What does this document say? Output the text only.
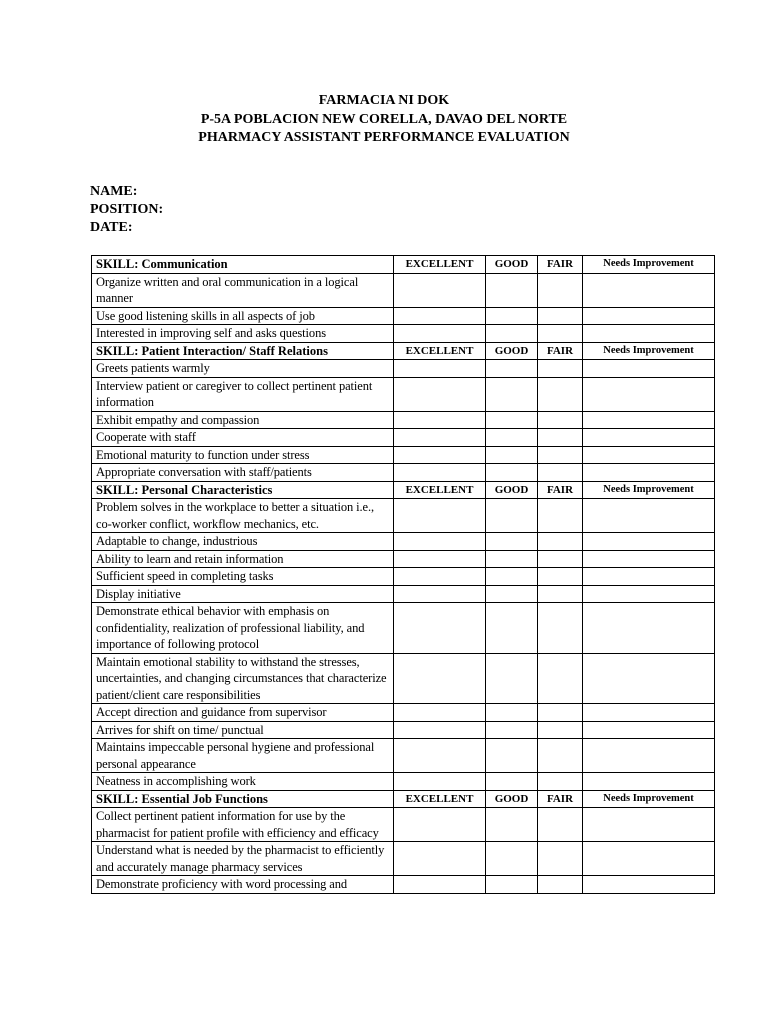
FARMACIA NI DOK
P-5A POBLACION NEW CORELLA, DAVAO DEL NORTE
PHARMACY ASSISTANT PERFORMANCE EVALUATION
NAME:
POSITION:
DATE:
SKILL: Communication	EXCELLENT	GOOD	FAIR	Needs Improvement
Organize written and oral communication in a logical manner				
Use good listening skills in all aspects of job				
Interested in improving self and asks questions				
SKILL: Patient Interaction/ Staff Relations	EXCELLENT	GOOD	FAIR	Needs Improvement
Greets patients warmly				
Interview patient or caregiver to collect pertinent patient information				
Exhibit empathy and compassion				
Cooperate with staff				
Emotional maturity to function under stress				
Appropriate conversation with staff/patients				
SKILL: Personal Characteristics	EXCELLENT	GOOD	FAIR	Needs Improvement
Problem solves in the workplace to better a situation i.e., co-worker conflict, workflow mechanics, etc.				
Adaptable to change, industrious				
Ability to learn and retain information				
Sufficient speed in completing tasks				
Display initiative				
Demonstrate ethical behavior with emphasis on confidentiality, realization of professional liability, and importance of following protocol				
Maintain emotional stability to withstand the stresses, uncertainties, and changing circumstances that characterize patient/client care responsibilities				
Accept direction and guidance from supervisor				
Arrives for shift on time/ punctual				
Maintains impeccable personal hygiene and professional personal appearance				
Neatness in accomplishing work				
SKILL: Essential Job Functions	EXCELLENT	GOOD	FAIR	Needs Improvement
Collect pertinent patient information for use by the pharmacist for patient profile with efficiency and efficacy				
Understand what is needed by the pharmacist to efficiently and accurately manage pharmacy services				
Demonstrate proficiency with word processing and				
